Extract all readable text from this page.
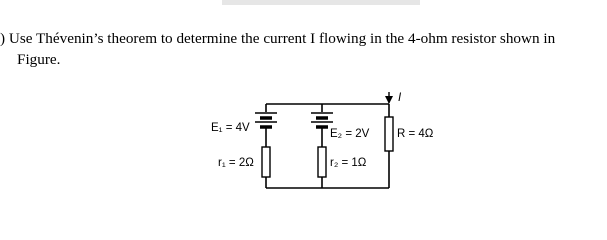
) Use Thévenin’s theorem to determine the current I flowing in the 4-ohm resistor shown in
Figure.
E₁ = 4V
r₁ = 2Ω
E₂ = 2V
r₂ = 1Ω
R = 4Ω
I
